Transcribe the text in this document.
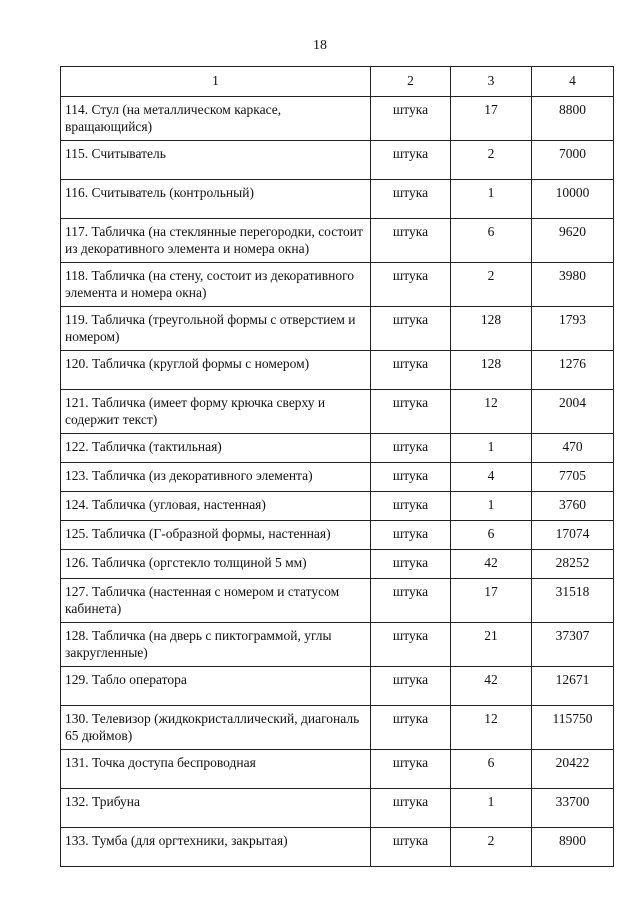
18
1	2	3	4
114. Стул (на металлическом каркасе, вращающийся)	штука	17	8800
115. Считыватель	штука	2	7000
116. Считыватель (контрольный)	штука	1	10000
117. Табличка (на стеклянные перегородки, состоит из декоративного элемента и номера окна)	штука	6	9620
118. Табличка (на стену, состоит из декоративного элемента и номера окна)	штука	2	3980
119. Табличка (треугольной формы с отверстием и номером)	штука	128	1793
120. Табличка (круглой формы с номером)	штука	128	1276
121. Табличка (имеет форму крючка сверху и содержит текст)	штука	12	2004
122. Табличка (тактильная)	штука	1	470
123. Табличка (из декоративного элемента)	штука	4	7705
124. Табличка (угловая, настенная)	штука	1	3760
125. Табличка (Г-образной формы, настенная)	штука	6	17074
126. Табличка (оргстекло толщиной 5 мм)	штука	42	28252
127. Табличка (настенная с номером и статусом кабинета)	штука	17	31518
128. Табличка (на дверь с пиктограммой, углы закругленные)	штука	21	37307
129. Табло оператора	штука	42	12671
130. Телевизор (жидкокристаллический, диагональ 65 дюймов)	штука	12	115750
131. Точка доступа беспроводная	штука	6	20422
132. Трибуна	штука	1	33700
133. Тумба (для оргтехники, закрытая)	штука	2	8900
